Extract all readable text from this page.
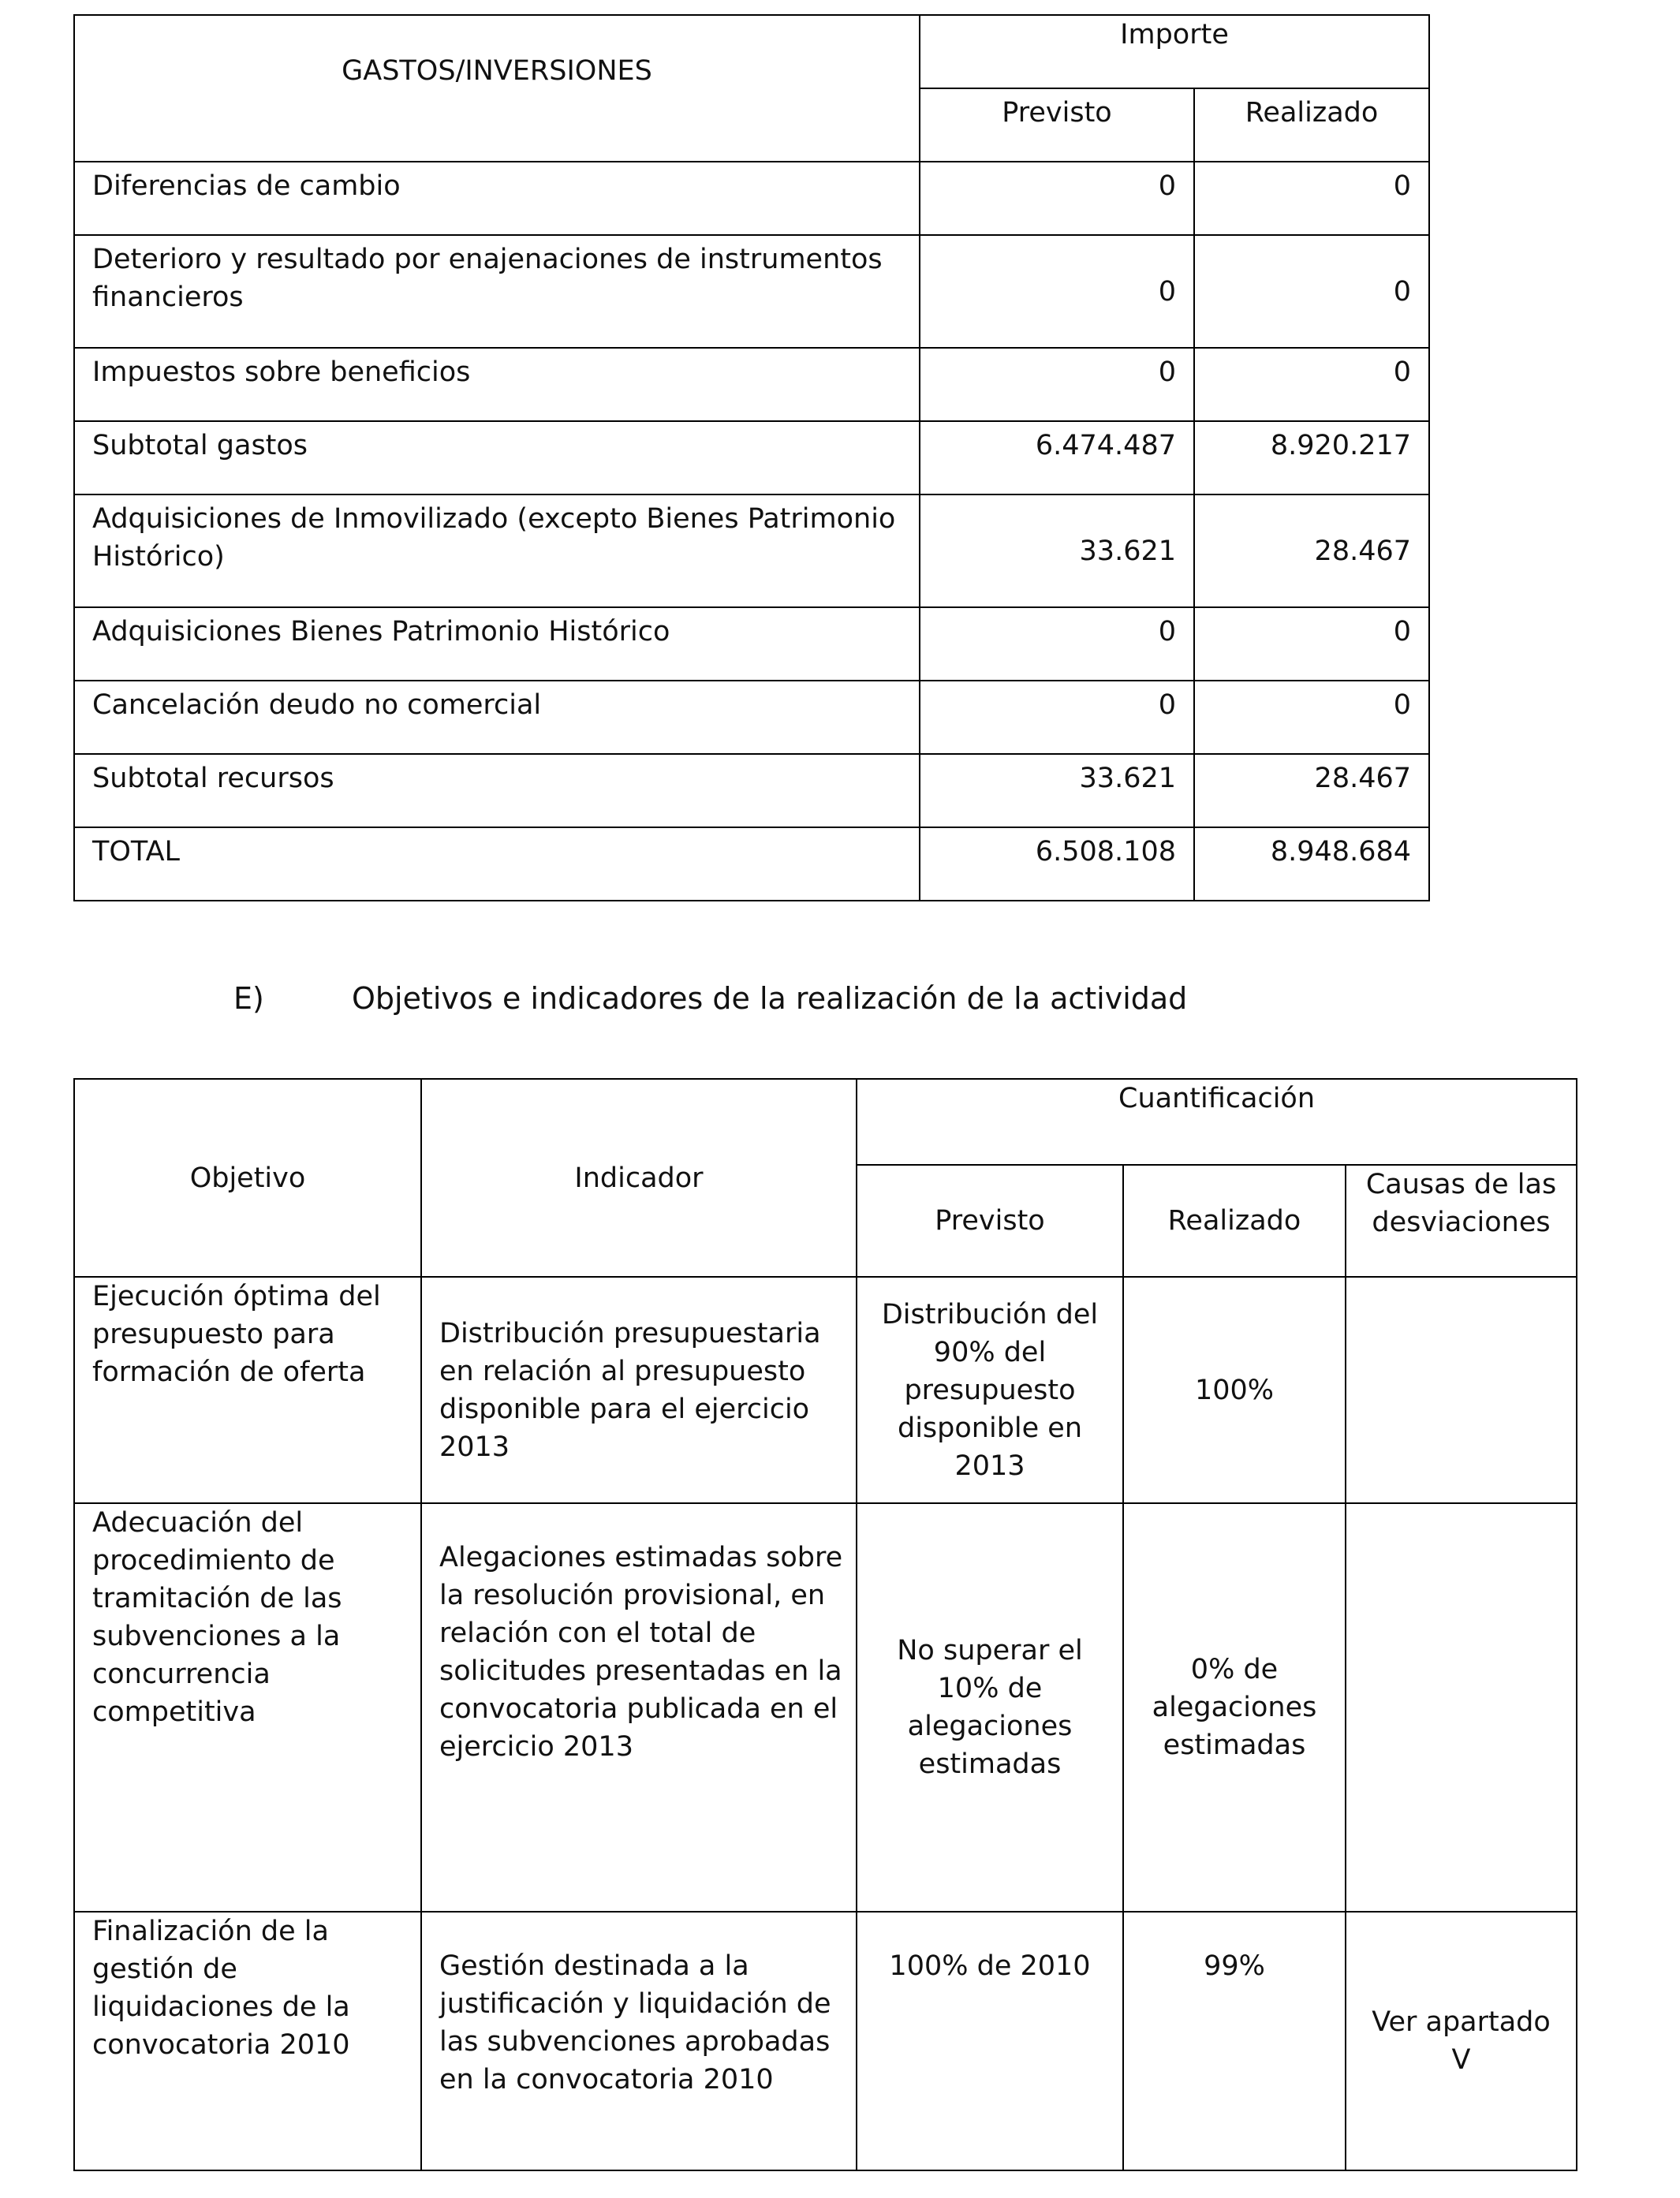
GASTOS/INVERSIONES	Importe	
	Previsto	Realizado
Diferencias de cambio	0	0
Deterioro y resultado por enajenaciones de instrumentos financieros	0	0
Impuestos sobre beneficios	0	0
Subtotal gastos	6.474.487	8.920.217
Adquisiciones de Inmovilizado (excepto Bienes Patrimonio Histórico)	33.621	28.467
Adquisiciones Bienes Patrimonio Histórico	0	0
Cancelación deudo no comercial	0	0
Subtotal recursos	33.621	28.467
TOTAL	6.508.108	8.948.684
E)	Objetivos e indicadores de la realización de la actividad
Objetivo	Indicador	Cuantificación		
		Previsto	Realizado	Causas de las desviaciones
Ejecución óptima del presupuesto para formación de oferta	Distribución presupuestaria en relación al presupuesto disponible para el ejercicio 2013	Distribución del 90% del presupuesto disponible en 2013	100%	
Adecuación del procedimiento de tramitación de las subvenciones a la concurrencia competitiva	Alegaciones estimadas sobre la resolución provisional, en relación con el total de solicitudes presentadas en la convocatoria publicada en el ejercicio 2013	No superar el 10% de alegaciones estimadas	0% de alegaciones estimadas	
Finalización de la gestión de liquidaciones de la convocatoria 2010	Gestión destinada a la justificación y liquidación de las subvenciones aprobadas en la convocatoria 2010	100% de 2010	99%	Ver apartado V
